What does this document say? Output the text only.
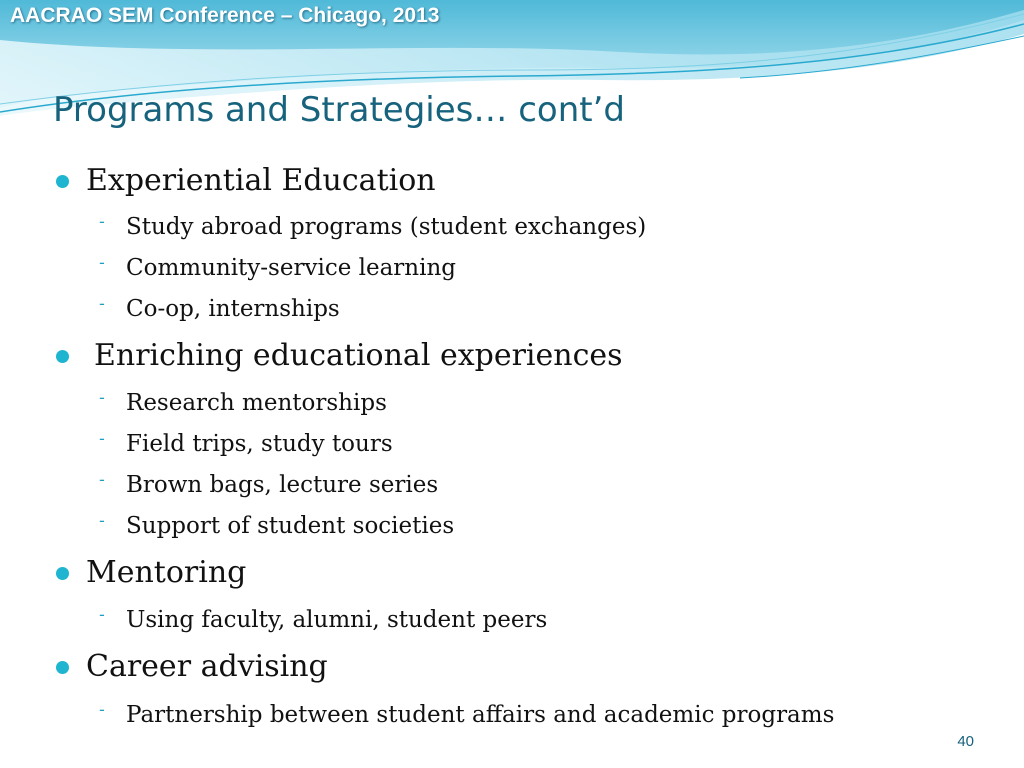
AACRAO SEM Conference – Chicago, 2013
Programs and Strategies… cont’d
Experiential Education
- Study abroad programs (student exchanges)
- Community-service learning
- Co-op, internships
Enriching educational experiences
- Research mentorships
- Field trips, study tours
- Brown bags, lecture series
- Support of student societies
Mentoring
- Using faculty, alumni, student peers
Career advising
- Partnership between student affairs and academic programs
40
